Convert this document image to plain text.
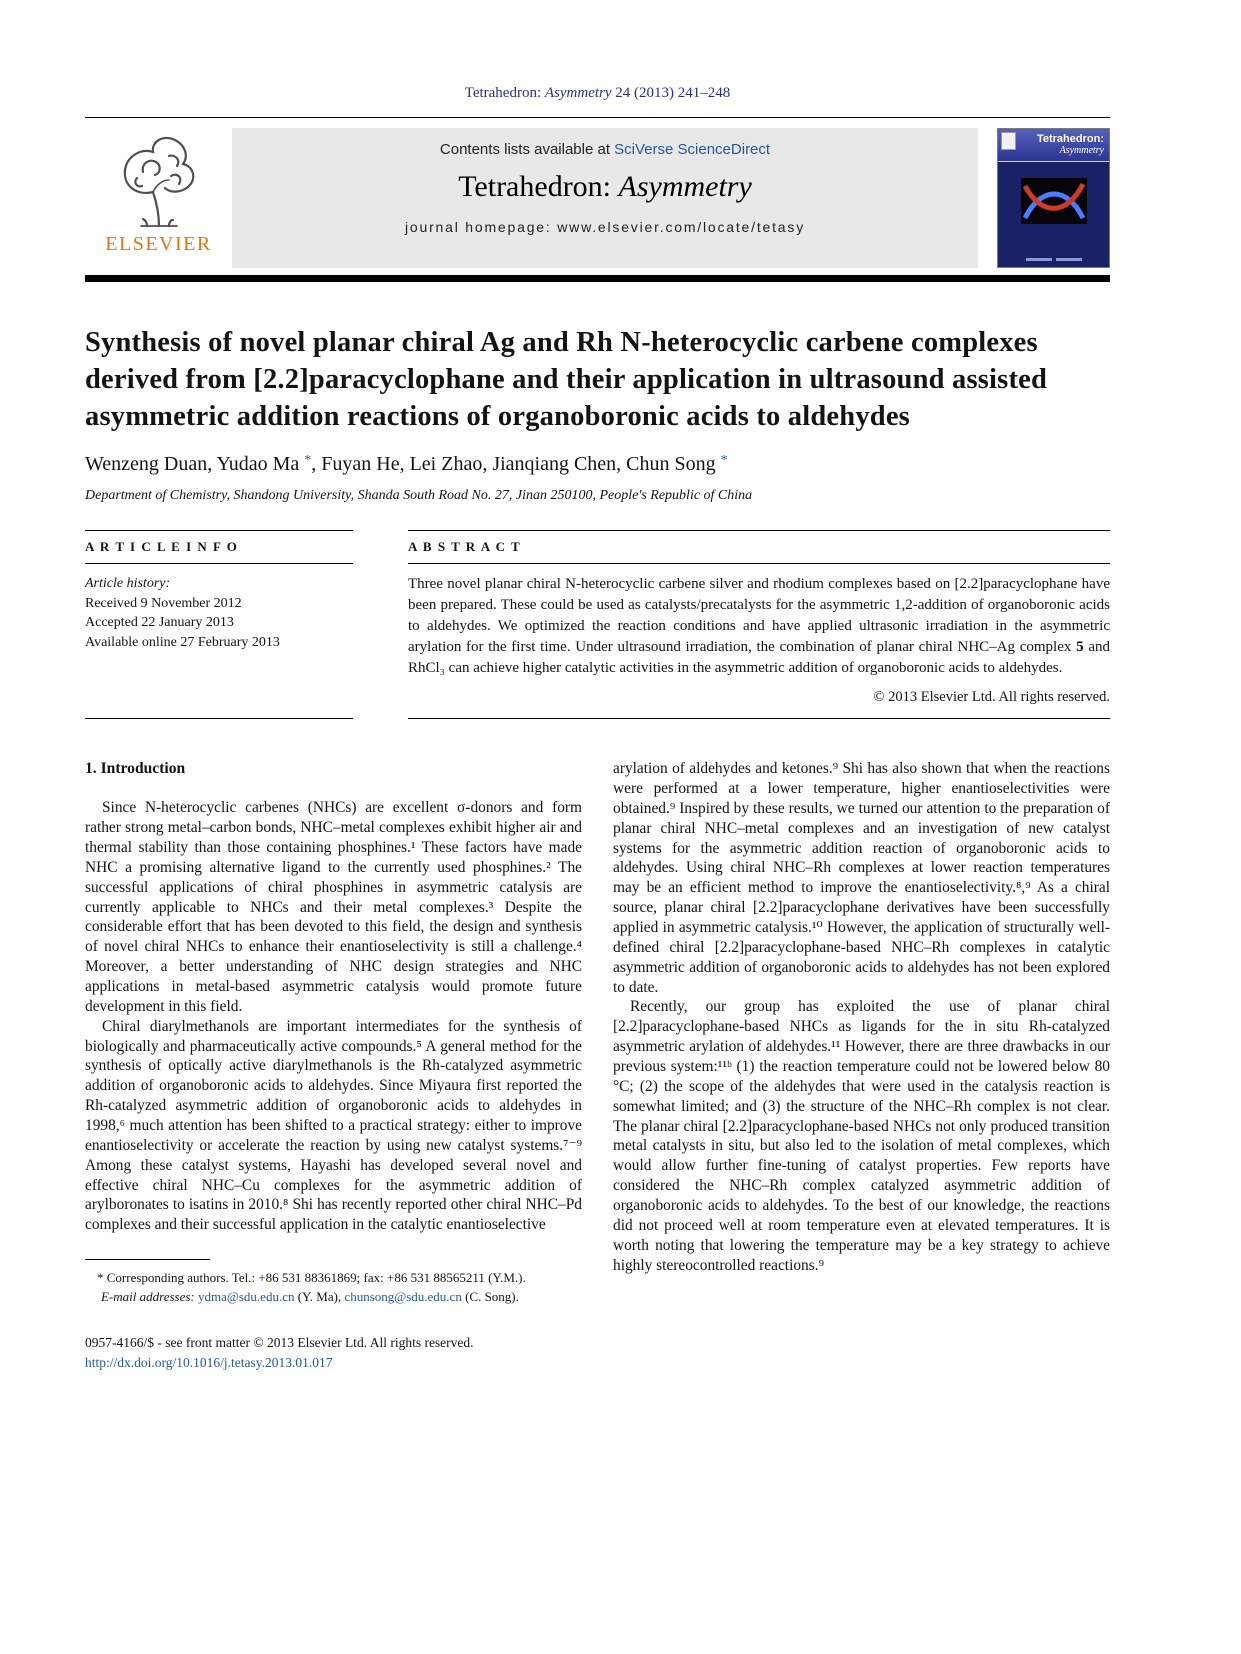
Tetrahedron: Asymmetry 24 (2013) 241–248
ELSEVIER
Contents lists available at SciVerse ScienceDirect
Tetrahedron: Asymmetry
journal homepage: www.elsevier.com/locate/tetasy
Tetrahedron:
Asymmetry
Synthesis of novel planar chiral Ag and Rh N-heterocyclic carbene complexes derived from [2.2]paracyclophane and their application in ultrasound assisted asymmetric addition reactions of organoboronic acids to aldehydes
Wenzeng Duan, Yudao Ma *, Fuyan He, Lei Zhao, Jianqiang Chen, Chun Song *
Department of Chemistry, Shandong University, Shanda South Road No. 27, Jinan 250100, People's Republic of China
A R T I C L E I N F O
Article history:
Received 9 November 2012
Accepted 22 January 2013
Available online 27 February 2013
A B S T R A C T

Three novel planar chiral N-heterocyclic carbene silver and rhodium complexes based on [2.2]paracyclophane have been prepared. These could be used as catalysts/precatalysts for the asymmetric 1,2-addition of organoboronic acids to aldehydes. We optimized the reaction conditions and have applied ultrasonic irradiation in the asymmetric arylation for the first time. Under ultrasound irradiation, the combination of planar chiral NHC–Ag complex 5 and RhCl₃ can achieve higher catalytic activities in the asymmetric addition of organoboronic acids to aldehydes.

© 2013 Elsevier Ltd. All rights reserved.
1. Introduction

Since N-heterocyclic carbenes (NHCs) are excellent σ-donors and form rather strong metal–carbon bonds, NHC–metal complexes exhibit higher air and thermal stability than those containing phosphines.¹ These factors have made NHC a promising alternative ligand to the currently used phosphines.² The successful applications of chiral phosphines in asymmetric catalysis are currently applicable to NHCs and their metal complexes.³ Despite the considerable effort that has been devoted to this field, the design and synthesis of novel chiral NHCs to enhance their enantioselectivity is still a challenge.⁴ Moreover, a better understanding of NHC design strategies and NHC applications in metal-based asymmetric catalysis would promote future development in this field.

Chiral diarylmethanols are important intermediates for the synthesis of biologically and pharmaceutically active compounds.⁵ A general method for the synthesis of optically active diarylmethanols is the Rh-catalyzed asymmetric addition of organoboronic acids to aldehydes. Since Miyaura first reported the Rh-catalyzed asymmetric addition of organoboronic acids to aldehydes in 1998,⁶ much attention has been shifted to a practical strategy: either to improve enantioselectivity or accelerate the reaction by using new catalyst systems.⁷⁻⁹ Among these catalyst systems, Hayashi has developed several novel and effective chiral NHC–Cu complexes for the asymmetric addition of arylboronates to isatins in 2010.⁸ Shi has recently reported other chiral NHC–Pd complexes and their successful application in the catalytic enantioselective

* Corresponding authors. Tel.: +86 531 88361869; fax: +86 531 88565211 (Y.M.).
E-mail addresses: ydma@sdu.edu.cn (Y. Ma), chunsong@sdu.edu.cn (C. Song).

arylation of aldehydes and ketones.⁹ Shi has also shown that when the reactions were performed at a lower temperature, higher enantioselectivities were obtained.⁹ Inspired by these results, we turned our attention to the preparation of planar chiral NHC–metal complexes and an investigation of new catalyst systems for the asymmetric addition reaction of organoboronic acids to aldehydes. Using chiral NHC–Rh complexes at lower reaction temperatures may be an efficient method to improve the enantioselectivity.⁸,⁹ As a chiral source, planar chiral [2.2]paracyclophane derivatives have been successfully applied in asymmetric catalysis.¹⁰ However, the application of structurally well-defined chiral [2.2]paracyclophane-based NHC–Rh complexes in catalytic asymmetric addition of organoboronic acids to aldehydes has not been explored to date.

Recently, our group has exploited the use of planar chiral [2.2]paracyclophane-based NHCs as ligands for the in situ Rh-catalyzed asymmetric arylation of aldehydes.¹¹ However, there are three drawbacks in our previous system:¹¹ᵇ (1) the reaction temperature could not be lowered below 80 °C; (2) the scope of the aldehydes that were used in the catalysis reaction is somewhat limited; and (3) the structure of the NHC–Rh complex is not clear. The planar chiral [2.2]paracyclophane-based NHCs not only produced transition metal catalysts in situ, but also led to the isolation of metal complexes, which would allow further fine-tuning of catalyst properties. Few reports have considered the NHC–Rh complex catalyzed asymmetric addition of organoboronic acids to aldehydes. To the best of our knowledge, the reactions did not proceed well at room temperature even at elevated temperatures. It is worth noting that lowering the temperature may be a key strategy to achieve highly stereocontrolled reactions.⁹

0957-4166/$ - see front matter © 2013 Elsevier Ltd. All rights reserved.
http://dx.doi.org/10.1016/j.tetasy.2013.01.017
